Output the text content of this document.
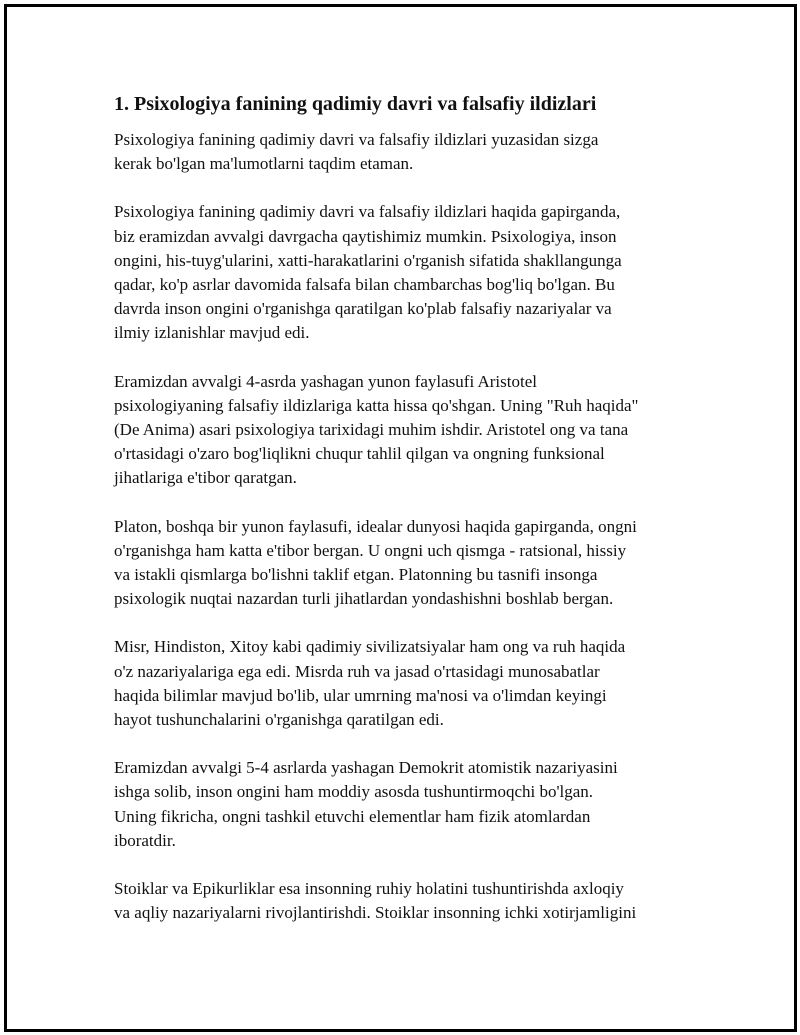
1. Psixologiya fanining qadimiy davri va falsafiy ildizlari

Psixologiya fanining qadimiy davri va falsafiy ildizlari yuzasidan sizga
kerak bo'lgan ma'lumotlarni taqdim etaman.

Psixologiya fanining qadimiy davri va falsafiy ildizlari haqida gapirganda,
biz eramizdan avvalgi davrgacha qaytishimiz mumkin. Psixologiya, inson
ongini, his-tuyg'ularini, xatti-harakatlarini o'rganish sifatida shakllangunga
qadar, ko'p asrlar davomida falsafa bilan chambarchas bog'liq bo'lgan. Bu
davrda inson ongini o'rganishga qaratilgan ko'plab falsafiy nazariyalar va
ilmiy izlanishlar mavjud edi.

Eramizdan avvalgi 4-asrda yashagan yunon faylasufi Aristotel
psixologiyaning falsafiy ildizlariga katta hissa qo'shgan. Uning "Ruh haqida"
(De Anima) asari psixologiya tarixidagi muhim ishdir. Aristotel ong va tana
o'rtasidagi o'zaro bog'liqlikni chuqur tahlil qilgan va ongning funksional
jihatlariga e'tibor qaratgan.

Platon, boshqa bir yunon faylasufi, idealar dunyosi haqida gapirganda, ongni
o'rganishga ham katta e'tibor bergan. U ongni uch qismga - ratsional, hissiy
va istakli qismlarga bo'lishni taklif etgan. Platonning bu tasnifi insonga
psixologik nuqtai nazardan turli jihatlardan yondashishni boshlab bergan.

Misr, Hindiston, Xitoy kabi qadimiy sivilizatsiyalar ham ong va ruh haqida
o'z nazariyalariga ega edi. Misrda ruh va jasad o'rtasidagi munosabatlar
haqida bilimlar mavjud bo'lib, ular umrning ma'nosi va o'limdan keyingi
hayot tushunchalarini o'rganishga qaratilgan edi.

Eramizdan avvalgi 5-4 asrlarda yashagan Demokrit atomistik nazariyasini
ishga solib, inson ongini ham moddiy asosda tushuntirmoqchi bo'lgan.
Uning fikricha, ongni tashkil etuvchi elementlar ham fizik atomlardan
iboratdir.

Stoiklar va Epikurliklar esa insonning ruhiy holatini tushuntirishda axloqiy
va aqliy nazariyalarni rivojlantirishdi. Stoiklar insonning ichki xotirjamligini
